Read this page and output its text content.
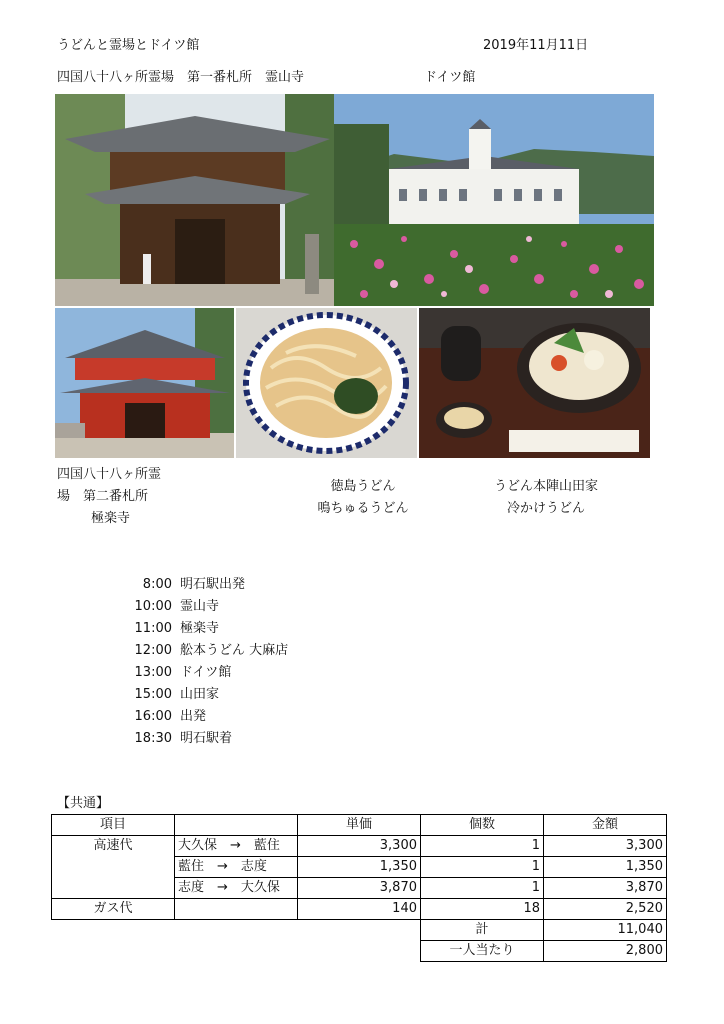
うどんと霊場とドイツ館	2019年11月11日
四国八十八ヶ所霊場　第一番札所　霊山寺	ドイツ館
四国八十八ヶ所霊
場　第二番札所
極楽寺
徳島うどん
鳴ちゅるうどん
うどん本陣山田家
冷かけうどん
8:00 明石駅出発
10:00 霊山寺
11:00 極楽寺
12:00 舩本うどん 大麻店
13:00 ドイツ館
15:00 山田家
16:00 出発
18:30 明石駅着
【共通】
項目		単価	個数	金額
高速代	大久保　→　藍住	3,300	1	3,300
	藍住　→　志度	1,350	1	1,350
	志度　→　大久保	3,870	1	3,870
ガス代		140	18	2,520
			計	11,040
			一人当たり	2,800
